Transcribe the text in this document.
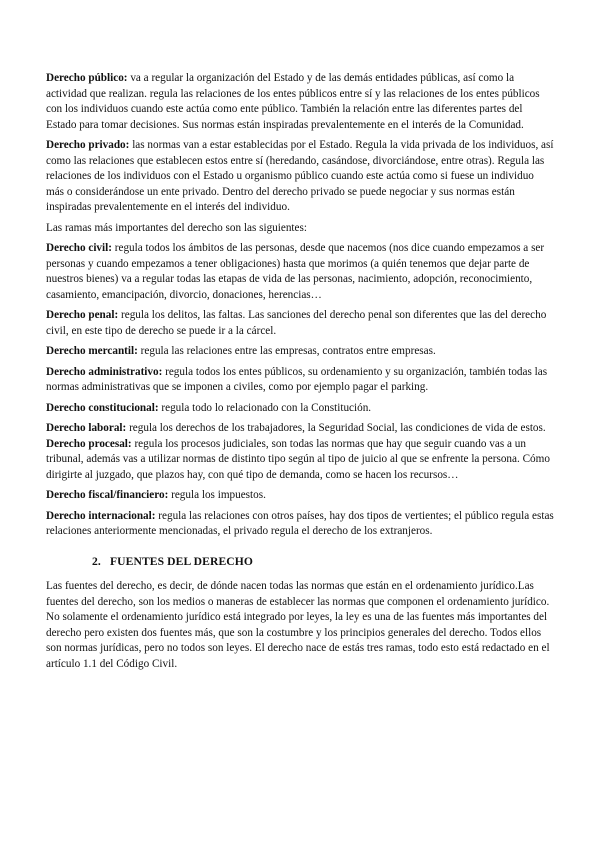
Derecho público: va a regular la organización del Estado y de las demás entidades públicas, así como la actividad que realizan. regula las relaciones de los entes públicos entre sí y las relaciones de los entes públicos con los individuos cuando este actúa como ente público. También la relación entre las diferentes partes del Estado para tomar decisiones. Sus normas están inspiradas prevalentemente en el interés de la Comunidad.

Derecho privado: las normas van a estar establecidas por el Estado. Regula la vida privada de los individuos, así como las relaciones que establecen estos entre sí (heredando, casándose, divorciándose, entre otras). Regula las relaciones de los individuos con el Estado u organismo público cuando este actúa como si fuese un individuo más o considerándose un ente privado. Dentro del derecho privado se puede negociar y sus normas están inspiradas prevalentemente en el interés del individuo.

Las ramas más importantes del derecho son las siguientes:

Derecho civil: regula todos los ámbitos de las personas, desde que nacemos (nos dice cuando empezamos a ser personas y cuando empezamos a tener obligaciones) hasta que morimos (a quién tenemos que dejar parte de nuestros bienes) va a regular todas las etapas de vida de las personas, nacimiento, adopción, reconocimiento, casamiento, emancipación, divorcio, donaciones, herencias…

Derecho penal: regula los delitos, las faltas. Las sanciones del derecho penal son diferentes que las del derecho civil, en este tipo de derecho se puede ir a la cárcel.

Derecho mercantil: regula las relaciones entre las empresas, contratos entre empresas.

Derecho administrativo: regula todos los entes públicos, su ordenamiento y su organización, también todas las normas administrativas que se imponen a civiles, como por ejemplo pagar el parking.

Derecho constitucional: regula todo lo relacionado con la Constitución.

Derecho laboral: regula los derechos de los trabajadores, la Seguridad Social, las condiciones de vida de estos.

Derecho procesal: regula los procesos judiciales, son todas las normas que hay que seguir cuando vas a un tribunal, además vas a utilizar normas de distinto tipo según al tipo de juicio al que se enfrente la persona. Cómo dirigirte al juzgado, que plazos hay, con qué tipo de demanda, como se hacen los recursos…

Derecho fiscal/financiero: regula los impuestos.

Derecho internacional: regula las relaciones con otros países, hay dos tipos de vertientes; el público regula estas relaciones anteriormente mencionadas, el privado regula el derecho de los extranjeros.

2. FUENTES DEL DERECHO

Las fuentes del derecho, es decir, de dónde nacen todas las normas que están en el ordenamiento jurídico.Las fuentes del derecho, son los medios o maneras de establecer las normas que componen el ordenamiento jurídico. No solamente el ordenamiento jurídico está integrado por leyes, la ley es una de las fuentes más importantes del derecho pero existen dos fuentes más, que son la costumbre y los principios generales del derecho. Todos ellos son normas jurídicas, pero no todos son leyes. El derecho nace de estás tres ramas, todo esto está redactado en el artículo 1.1 del Código Civil.
